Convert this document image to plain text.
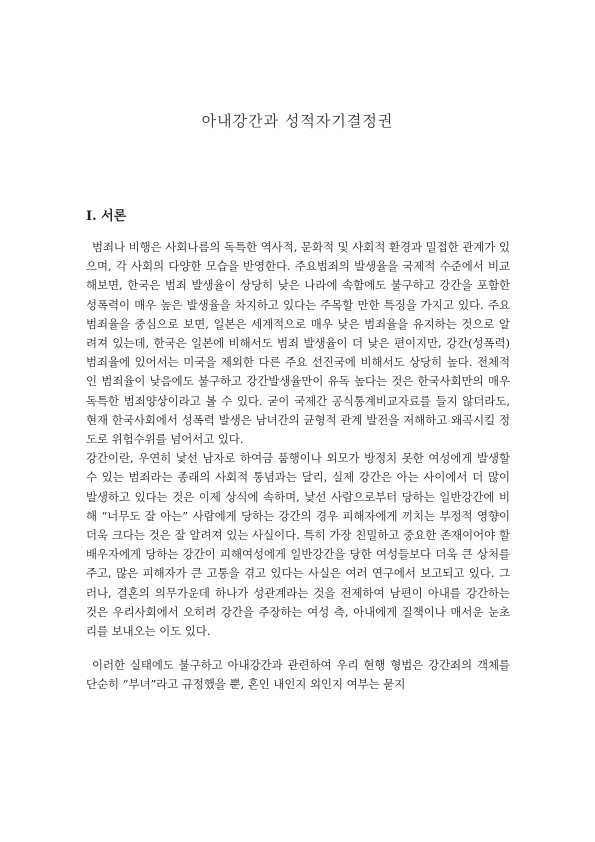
아내강간과 성적자기결정권
I. 서론

범죄나 비행은 사회나름의 독특한 역사적, 문화적 및 사회적 환경과 밀접한 관계가 있으며, 각 사회의 다양한 모습을 반영한다. 주요범죄의 발생율을 국제적 수준에서 비교해보면, 한국은 범죄 발생율이 상당히 낮은 나라에 속함에도 불구하고 강간을 포함한 성폭력이 매우 높은 발생율을 차지하고 있다는 주목할 만한 특징을 가지고 있다. 주요범죄율을 중심으로 보면, 일본은 세계적으로 매우 낮은 범죄율을 유지하는 것으로 알려져 있는데, 한국은 일본에 비해서도 범죄 발생율이 더 낮은 편이지만, 강간(성폭력) 범죄율에 있어서는 미국을 제외한 다른 주요 선진국에 비해서도 상당히 높다. 전체적인 범죄율이 낮음에도 불구하고 강간발생율만이 유독 높다는 것은 한국사회만의 매우 독특한 범죄양상이라고 볼 수 있다. 굳이 국제간 공식통계비교자료를 들지 않더라도, 현재 한국사회에서 성폭력 발생은 남녀간의 균형적 관계 발전을 저해하고 왜곡시킬 정도로 위험수위를 넘어서고 있다.

강간이란, 우연히 낯선 남자로 하여금 품행이나 외모가 방정치 못한 여성에게 발생할 수 있는 범죄라는 종래의 사회적 통념과는 달리, 실제 강간은 아는 사이에서 더 많이 발생하고 있다는 것은 이제 상식에 속하며, 낯선 사람으로부터 당하는 일반강간에 비해 “너무도 잘 아는” 사람에게 당하는 강간의 경우 피해자에게 끼치는 부정적 영향이 더욱 크다는 것은 잘 알려져 있는 사실이다. 특히 가장 친밀하고 중요한 존재이어야 할 배우자에게 당하는 강간이 피해여성에게 일반강간을 당한 여성들보다 더욱 큰 상처를 주고, 많은 피해자가 큰 고통을 겪고 있다는 사실은 여러 연구에서 보고되고 있다. 그러나, 결혼의 의무가운데 하나가 성관계라는 것을 전제하여 남편이 아내를 강간하는 것은 우리사회에서 오히려 강간을 주장하는 여성 측, 아내에게 질책이나 매서운 눈초리를 보내오는 이도 있다.

이러한 실태에도 불구하고 아내강간과 관련하여 우리 현행 형법은 강간죄의 객체를 단순히 “부녀”라고 규정했을 뿐, 혼인 내인지 외인지 여부는 묻지
